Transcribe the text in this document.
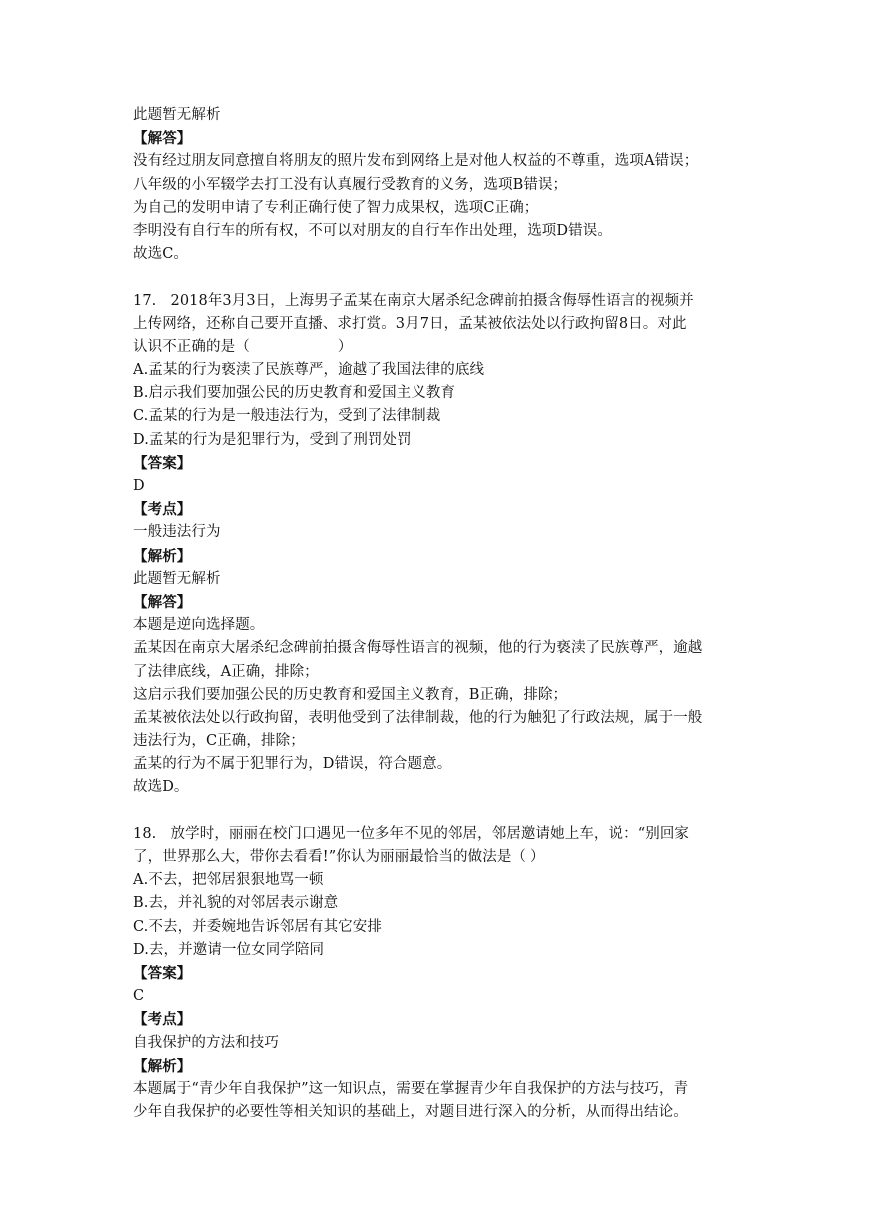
此题暂无解析
【解答】
没有经过朋友同意擅自将朋友的照片发布到网络上是对他人权益的不尊重，选项A错误；
八年级的小军辍学去打工没有认真履行受教育的义务，选项B错误；
为自己的发明申请了专利正确行使了智力成果权，选项C正确；
李明没有自行车的所有权，不可以对朋友的自行车作出处理，选项D错误。
故选C。
17. 2018年3月3日，上海男子孟某在南京大屠杀纪念碑前拍摄含侮辱性语言的视频并
上传网络，还称自己要开直播、求打赏。3月7日，孟某被依法处以行政拘留8日。对此
认识不正确的是（	）
A.孟某的行为亵渎了民族尊严，逾越了我国法律的底线
B.启示我们要加强公民的历史教育和爱国主义教育
C.孟某的行为是一般违法行为，受到了法律制裁
D.孟某的行为是犯罪行为，受到了刑罚处罚
【答案】
D
【考点】
一般违法行为
【解析】
此题暂无解析
【解答】
本题是逆向选择题。
孟某因在南京大屠杀纪念碑前拍摄含侮辱性语言的视频，他的行为亵渎了民族尊严，逾越
了法律底线，A正确，排除；
这启示我们要加强公民的历史教育和爱国主义教育，B正确，排除；
孟某被依法处以行政拘留，表明他受到了法律制裁，他的行为触犯了行政法规，属于一般
违法行为，C正确，排除；
孟某的行为不属于犯罪行为，D错误，符合题意。
故选D。
18. 放学时，丽丽在校门口遇见一位多年不见的邻居，邻居邀请她上车，说：“别回家
了，世界那么大，带你去看看!”你认为丽丽最恰当的做法是（ ）
A.不去，把邻居狠狠地骂一顿
B.去，并礼貌的对邻居表示谢意
C.不去，并委婉地告诉邻居有其它安排
D.去，并邀请一位女同学陪同
【答案】
C
【考点】
自我保护的方法和技巧
【解析】
本题属于“青少年自我保护”这一知识点，需要在掌握青少年自我保护的方法与技巧，青
少年自我保护的必要性等相关知识的基础上，对题目进行深入的分析，从而得出结论。
